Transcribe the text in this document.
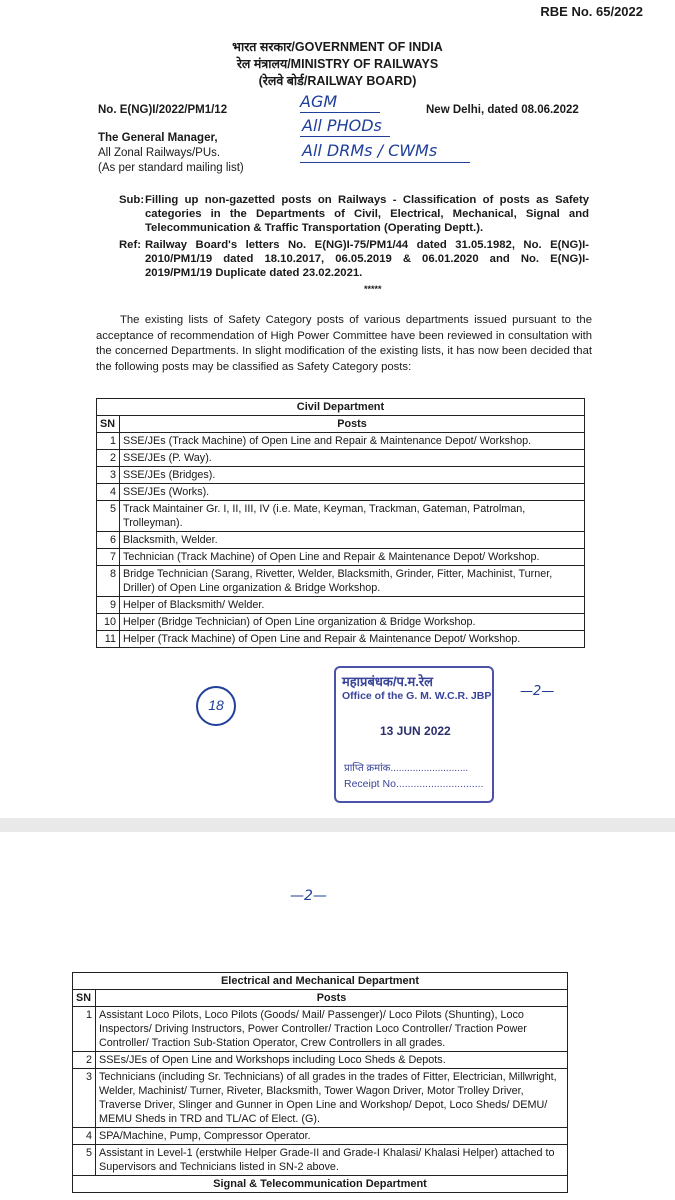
RBE No. 65/2022
भारत सरकार/GOVERNMENT OF INDIA
रेल मंत्रालय/MINISTRY OF RAILWAYS
(रेलवे बोर्ड/RAILWAY BOARD)
No. E(NG)I/2022/PM1/12	New Delhi, dated 08.06.2022
AGM
All PHODs
All DRMs / CWMs
The General Manager,
All Zonal Railways/PUs.
(As per standard mailing list)
Sub: Filling up non-gazetted posts on Railways - Classification of posts as Safety categories in the Departments of Civil, Electrical, Mechanical, Signal and Telecommunication & Traffic Transportation (Operating Deptt.).
Ref: Railway Board's letters No. E(NG)I-75/PM1/44 dated 31.05.1982, No. E(NG)I-2010/PM1/19 dated 18.10.2017, 06.05.2019 & 06.01.2020 and No. E(NG)I-2019/PM1/19 Duplicate dated 23.02.2021.
*****
The existing lists of Safety Category posts of various departments issued pursuant to the acceptance of recommendation of High Power Committee have been reviewed in consultation with the concerned Departments. In slight modification of the existing lists, it has now been decided that the following posts may be classified as Safety Category posts:
Civil Department	
SN	Posts
1	SSE/JEs (Track Machine) of Open Line and Repair & Maintenance Depot/ Workshop.
2	SSE/JEs (P. Way).
3	SSE/JEs (Bridges).
4	SSE/JEs (Works).
5	Track Maintainer Gr. I, II, III, IV (i.e. Mate, Keyman, Trackman, Gateman, Patrolman, Trolleyman).
6	Blacksmith, Welder.
7	Technician (Track Machine) of Open Line and Repair & Maintenance Depot/ Workshop.
8	Bridge Technician (Sarang, Rivetter, Welder, Blacksmith, Grinder, Fitter, Machinist, Turner, Driller) of Open Line organization & Bridge Workshop.
9	Helper of Blacksmith/ Welder.
10	Helper (Bridge Technician) of Open Line organization & Bridge Workshop.
11	Helper (Track Machine) of Open Line and Repair & Maintenance Depot/ Workshop.
18
महाप्रबंधक/प.म.रेल
Office of the G. M. W.C.R. JBP
13 JUN 2022
प्राप्ति क्रमांक............................
Receipt No..............................
—2—
—2—
Electrical and Mechanical Department	
SN	Posts
1	Assistant Loco Pilots, Loco Pilots (Goods/ Mail/ Passenger)/ Loco Pilots (Shunting), Loco Inspectors/ Driving Instructors, Power Controller/ Traction Loco Controller/ Traction Power Controller/ Traction Sub-Station Operator, Crew Controllers in all grades.
2	SSEs/JEs of Open Line and Workshops including Loco Sheds & Depots.
3	Technicians (including Sr. Technicians) of all grades in the trades of Fitter, Electrician, Millwright, Welder, Machinist/ Turner, Riveter, Blacksmith, Tower Wagon Driver, Motor Trolley Driver, Traverse Driver, Slinger and Gunner in Open Line and Workshop/ Depot, Loco Sheds/ DEMU/ MEMU Sheds in TRD and TL/AC of Elect. (G).
4	SPA/Machine, Pump, Compressor Operator.
5	Assistant in Level-1 (erstwhile Helper Grade-II and Grade-I Khalasi/ Khalasi Helper) attached to Supervisors and Technicians listed in SN-2 above.
Signal & Telecommunication Department	
